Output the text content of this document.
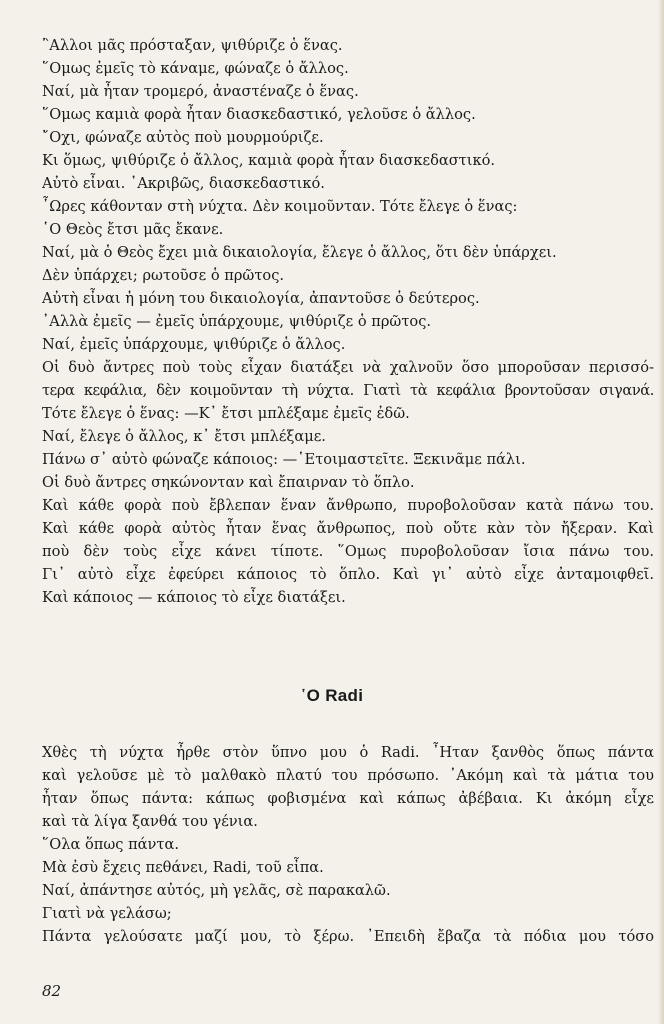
῍Αλλοι μᾶς πρόσταξαν, ψιθύριζε ὁ ἕνας.
῞Ομως ἐμεῖς τὸ κάναμε, φώναζε ὁ ἄλλος.
Ναί, μὰ ἦταν τρομερό, ἀναστέναζε ὁ ἕνας.
῞Ομως καμιὰ φορὰ ἦταν διασκεδαστικό, γελοῦσε ὁ ἄλλος.
῎Οχι, φώναζε αὐτὸς ποὺ μουρμούριζε.
Κι ὅμως, ψιθύριζε ὁ ἄλλος, καμιὰ φορὰ ἦταν διασκεδαστικό.
Αὐτὸ εἶναι. ᾿Ακριβῶς, διασκεδαστικό.
῟Ωρες κάθονταν στὴ νύχτα. Δὲν κοιμοῦνταν. Τότε ἔλεγε ὁ ἕνας:
῾Ο Θεὸς ἔτσι μᾶς ἔκανε.
Ναί, μὰ ὁ Θεὸς ἔχει μιὰ δικαιολογία, ἔλεγε ὁ ἄλλος, ὅτι δὲν ὑπάρχει.
Δὲν ὑπάρχει; ρωτοῦσε ὁ πρῶτος.
Αὐτὴ εἶναι ἡ μόνη του δικαιολογία, ἀπαντοῦσε ὁ δεύτερος.
᾿Αλλὰ ἐμεῖς — ἐμεῖς ὑπάρχουμε, ψιθύριζε ὁ πρῶτος.
Ναί, ἐμεῖς ὑπάρχουμε, ψιθύριζε ὁ ἄλλος.
Οἱ δυὸ ἄντρες ποὺ τοὺς εἶχαν διατάξει νὰ χαλνοῦν ὅσο μποροῦσαν περισσό-
τερα κεφάλια, δὲν κοιμοῦνταν τὴ νύχτα. Γιατὶ τὰ κεφάλια βροντοῦσαν σιγανά.
Τότε ἔλεγε ὁ ἕνας: —Κ᾿ ἔτσι μπλέξαμε ἐμεῖς ἐδῶ.
Ναί, ἔλεγε ὁ ἄλλος, κ᾿ ἔτσι μπλέξαμε.
Πάνω σ᾿ αὐτὸ φώναζε κάποιος: —῾Ετοιμαστεῖτε. Ξεκινᾶμε πάλι.
Οἱ δυὸ ἄντρες σηκώνονταν καὶ ἔπαιρναν τὸ ὅπλο.
Καὶ κάθε φορὰ ποὺ ἔβλεπαν ἕναν ἄνθρωπο, πυροβολοῦσαν κατὰ πάνω του.
Καὶ κάθε φορὰ αὐτὸς ἦταν ἕνας ἄνθρωπος, ποὺ οὔτε κὰν τὸν ἤξεραν. Καὶ
ποὺ δὲν τοὺς εἶχε κάνει τίποτε. ῞Ομως πυροβολοῦσαν ἴσια πάνω του.
Γι᾿ αὐτὸ εἶχε ἐφεύρει κάποιος τὸ ὅπλο. Καὶ γι᾿ αὐτὸ εἶχε ἀνταμοιφθεῖ.
Καὶ κάποιος — κάποιος τὸ εἶχε διατάξει.
῾Ο Radi
Χθὲς τὴ νύχτα ἦρθε στὸν ὕπνο μου ὁ Radi. ῏Ηταν ξανθὸς ὅπως πάντα
καὶ γελοῦσε μὲ τὸ μαλθακὸ πλατύ του πρόσωπο. ᾿Ακόμη καὶ τὰ μάτια του
ἦταν ὅπως πάντα: κάπως φοβισμένα καὶ κάπως ἀβέβαια. Κι ἀκόμη εἶχε
καὶ τὰ λίγα ξανθά του γένια.
῞Ολα ὅπως πάντα.
Μὰ ἐσὺ ἔχεις πεθάνει, Radi, τοῦ εἶπα.
Ναί, ἀπάντησε αὐτός, μὴ γελᾶς, σὲ παρακαλῶ.
Γιατὶ νὰ γελάσω;
Πάντα γελούσατε μαζί μου, τὸ ξέρω. ᾿Επειδὴ ἔβαζα τὰ πόδια μου τόσο
82
